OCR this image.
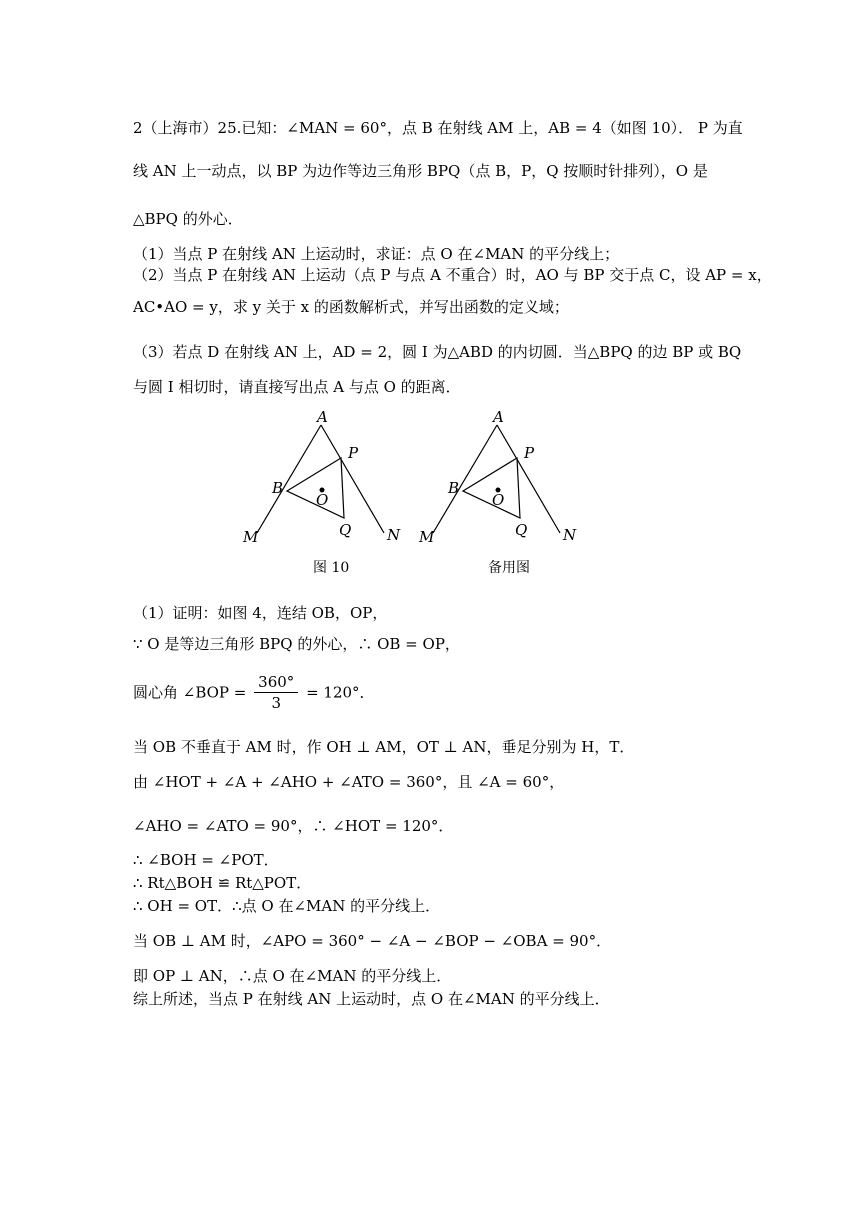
2（上海市）25.已知：∠MAN = 60°，点 B 在射线 AM 上，AB = 4（如图 10）． P 为直
线 AN 上一动点，以 BP 为边作等边三角形 BPQ（点 B，P，Q 按顺时针排列），O 是
△BPQ 的外心．
（1）当点 P 在射线 AN 上运动时，求证：点 O 在∠MAN 的平分线上；
（2）当点 P 在射线 AN 上运动（点 P 与点 A 不重合）时，AO 与 BP 交于点 C，设 AP = x，
AC•AO = y，求 y 关于 x 的函数解析式，并写出函数的定义域；
（3）若点 D 在射线 AN 上，AD = 2，圆 I 为△ABD 的内切圆．当△BPQ 的边 BP 或 BQ
与圆 I 相切时，请直接写出点 A 与点 O 的距离．
A
P
B
O
Q
M	N
图 10
A
P
B
O
Q
M	N
备用图
（1）证明：如图 4，连结 OB，OP，
∵ O 是等边三角形 BPQ 的外心，∴ OB = OP，
圆心角 ∠BOP = $\frac{360^\circ}{3} = 120^\circ$．
当 OB 不垂直于 AM 时，作 OH ⊥ AM，OT ⊥ AN，垂足分别为 H，T．
由 ∠HOT + ∠A + ∠AHO + ∠ATO = 360°，且 ∠A = 60°，
∠AHO = ∠ATO = 90°，∴ ∠HOT = 120°．
∴ ∠BOH = ∠POT．
∴ Rt△BOH ≌ Rt△POT．
∴ OH = OT．∴点 O 在∠MAN 的平分线上．
当 OB ⊥ AM 时，∠APO = 360° − ∠A − ∠BOP − ∠OBA = 90°．
即 OP ⊥ AN，∴点 O 在∠MAN 的平分线上．
综上所述，当点 P 在射线 AN 上运动时，点 O 在∠MAN 的平分线上．
